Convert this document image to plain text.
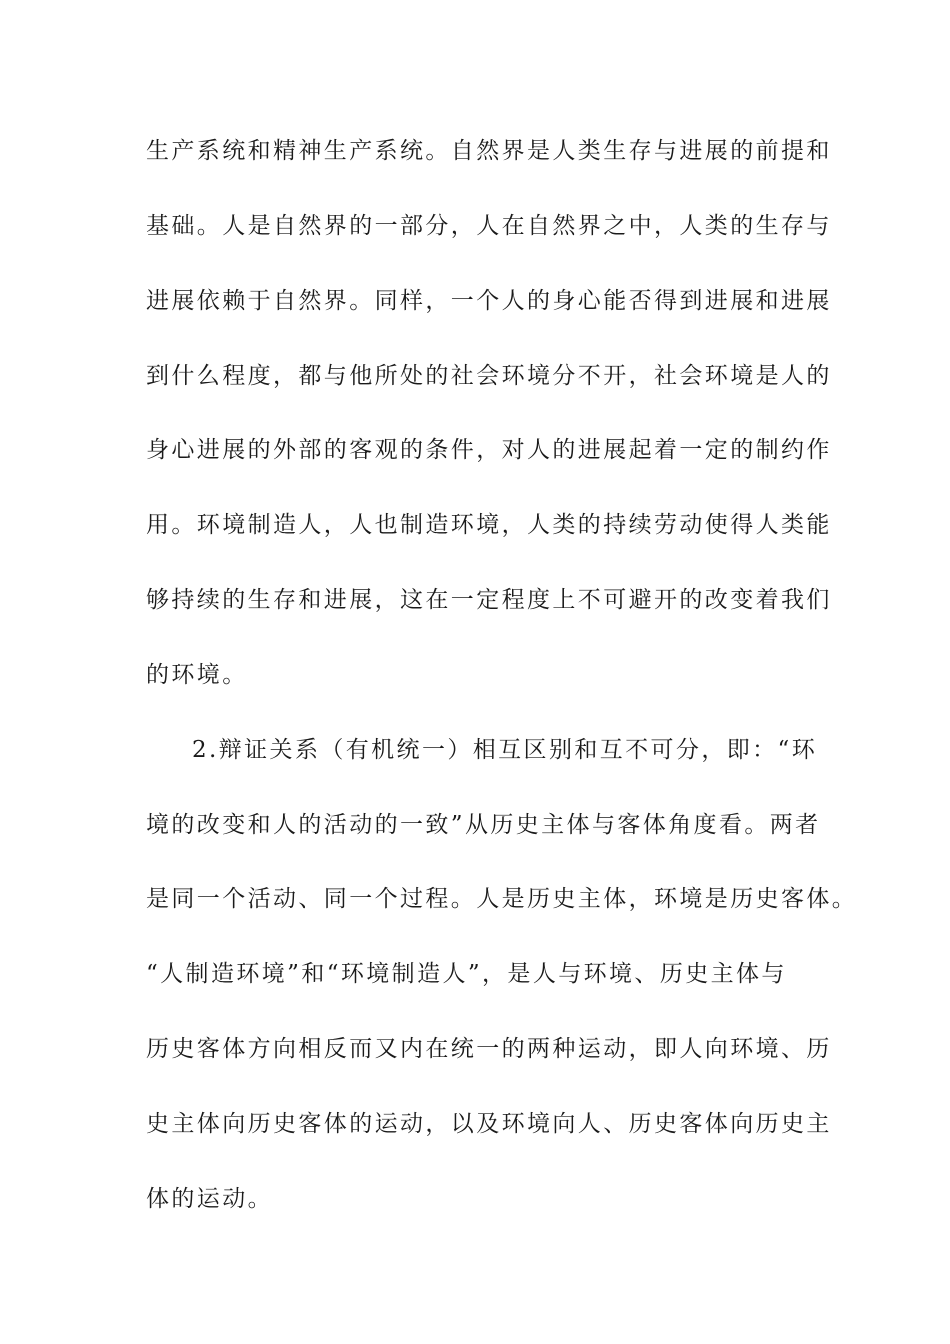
生产系统和精神生产系统。自然界是人类生存与进展的前提和
基础。人是自然界的一部分，人在自然界之中，人类的生存与
进展依赖于自然界。同样，一个人的身心能否得到进展和进展
到什么程度，都与他所处的社会环境分不开，社会环境是人的
身心进展的外部的客观的条件，对人的进展起着一定的制约作
用。环境制造人，人也制造环境，人类的持续劳动使得人类能
够持续的生存和进展，这在一定程度上不可避开的改变着我们
的环境。
2.辩证关系（有机统一）相互区别和互不可分，即：“环
境的改变和人的活动的一致”从历史主体与客体角度看。两者
是同一个活动、同一个过程。人是历史主体，环境是历史客体。
“人制造环境”和“环境制造人”，是人与环境、历史主体与
历史客体方向相反而又内在统一的两种运动，即人向环境、历
史主体向历史客体的运动，以及环境向人、历史客体向历史主
体的运动。
